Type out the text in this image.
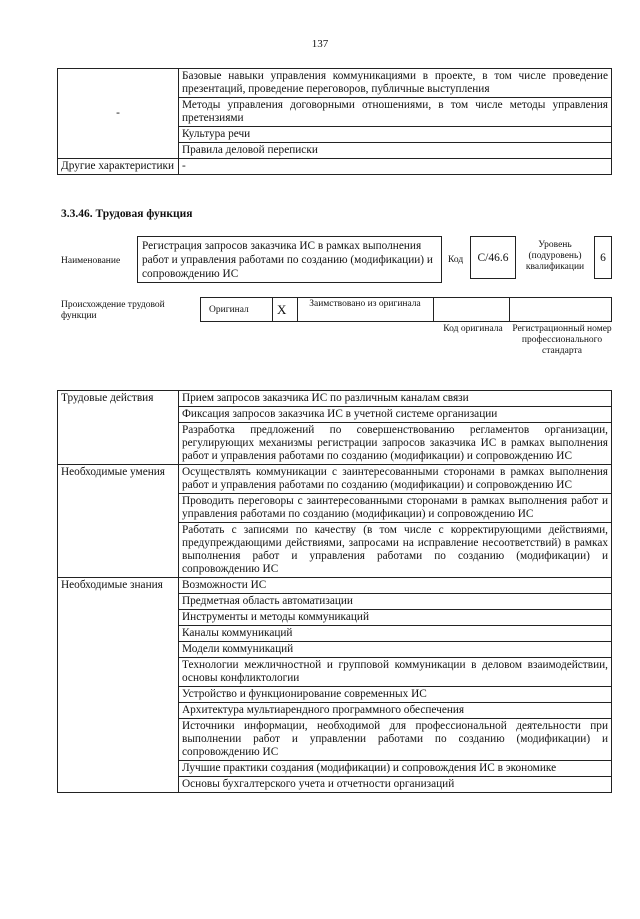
137
-	Базовые навыки управления коммуникациями в проекте, в том числе проведение презентаций, проведение переговоров, публичные выступления
	Методы управления договорными отношениями, в том числе методы управления претензиями
	Культура речи
	Правила деловой переписки
Другие характеристики	-
3.3.46. Трудовая функция
Наименование
Регистрация запросов заказчика ИС в рамках выполнения работ и управления работами по созданию (модификации) и сопровождению ИС
Код	C/46.6
Уровень (подуровень) квалификации
6
Происхождение трудовой функции
Оригинал X	Заимствовано из оригинала
Код оригинала	Регистрационный номер профессионального стандарта
Трудовые действия	Прием запросов заказчика ИС по различным каналам связи
	Фиксация запросов заказчика ИС в учетной системе организации
	Разработка предложений по совершенствованию регламентов организации, регулирующих механизмы регистрации запросов заказчика ИС в рамках выполнения работ и управления работами по созданию (модификации) и сопровождению ИС
Необходимые умения	Осуществлять коммуникации с заинтересованными сторонами в рамках выполнения работ и управления работами по созданию (модификации) и сопровождению ИС
	Проводить переговоры с заинтересованными сторонами в рамках выполнения работ и управления работами по созданию (модификации) и сопровождению ИС
	Работать с записями по качеству (в том числе с корректирующими действиями, предупреждающими действиями, запросами на исправление несоответствий) в рамках выполнения работ и управления работами по созданию (модификации) и сопровождению ИС
Необходимые знания	Возможности ИС
	Предметная область автоматизации
	Инструменты и методы коммуникаций
	Каналы коммуникаций
	Модели коммуникаций
	Технологии межличностной и групповой коммуникации в деловом взаимодействии, основы конфликтологии
	Устройство и функционирование современных ИС
	Архитектура мультиарендного программного обеспечения
	Источники информации, необходимой для профессиональной деятельности при выполнении работ и управлении работами по созданию (модификации) и сопровождению ИС
	Лучшие практики создания (модификации) и сопровождения ИС в экономике
	Основы бухгалтерского учета и отчетности организаций
